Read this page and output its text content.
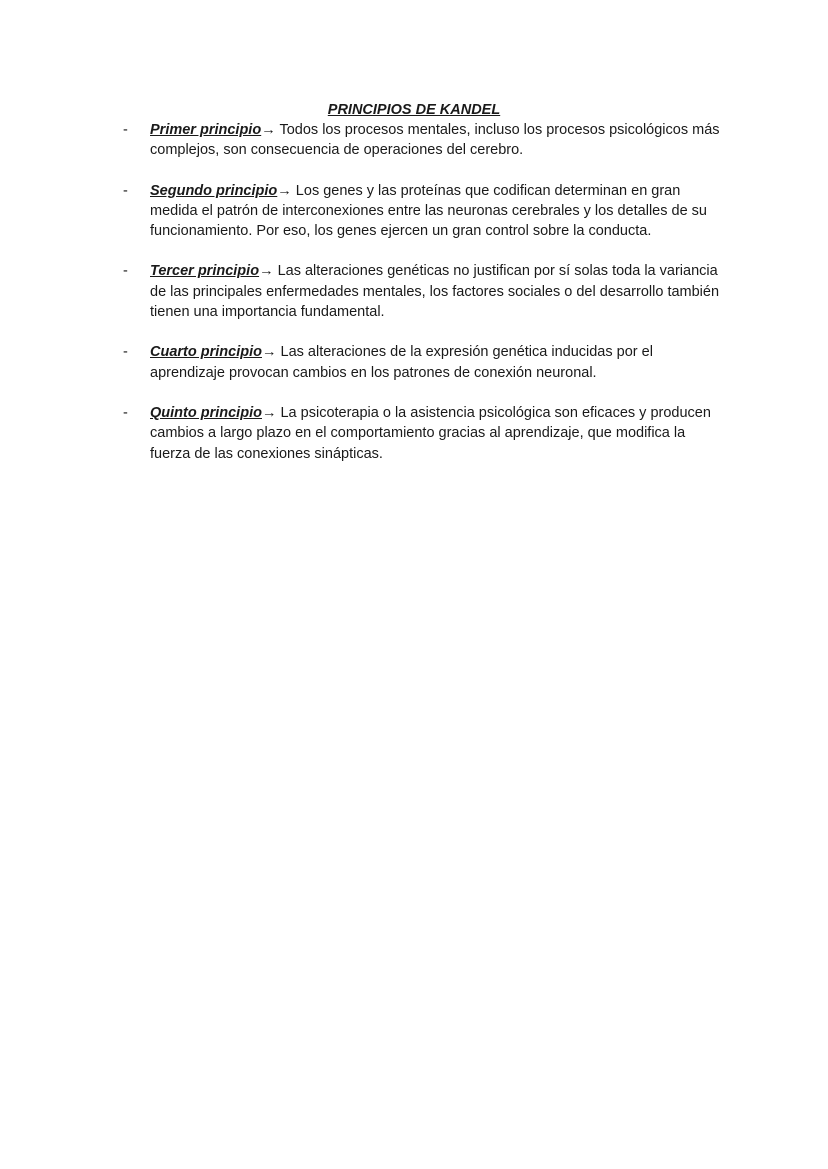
PRINCIPIOS DE KANDEL
- Primer principio→ Todos los procesos mentales, incluso los procesos psicológicos más complejos, son consecuencia de operaciones del cerebro.
- Segundo principio→ Los genes y las proteínas que codifican determinan en gran medida el patrón de interconexiones entre las neuronas cerebrales y los detalles de su funcionamiento. Por eso, los genes ejercen un gran control sobre la conducta.
- Tercer principio→ Las alteraciones genéticas no justifican por sí solas toda la variancia de las principales enfermedades mentales, los factores sociales o del desarrollo también tienen una importancia fundamental.
- Cuarto principio→ Las alteraciones de la expresión genética inducidas por el aprendizaje provocan cambios en los patrones de conexión neuronal.
- Quinto principio→ La psicoterapia o la asistencia psicológica son eficaces y producen cambios a largo plazo en el comportamiento gracias al aprendizaje, que modifica la fuerza de las conexiones sinápticas.
